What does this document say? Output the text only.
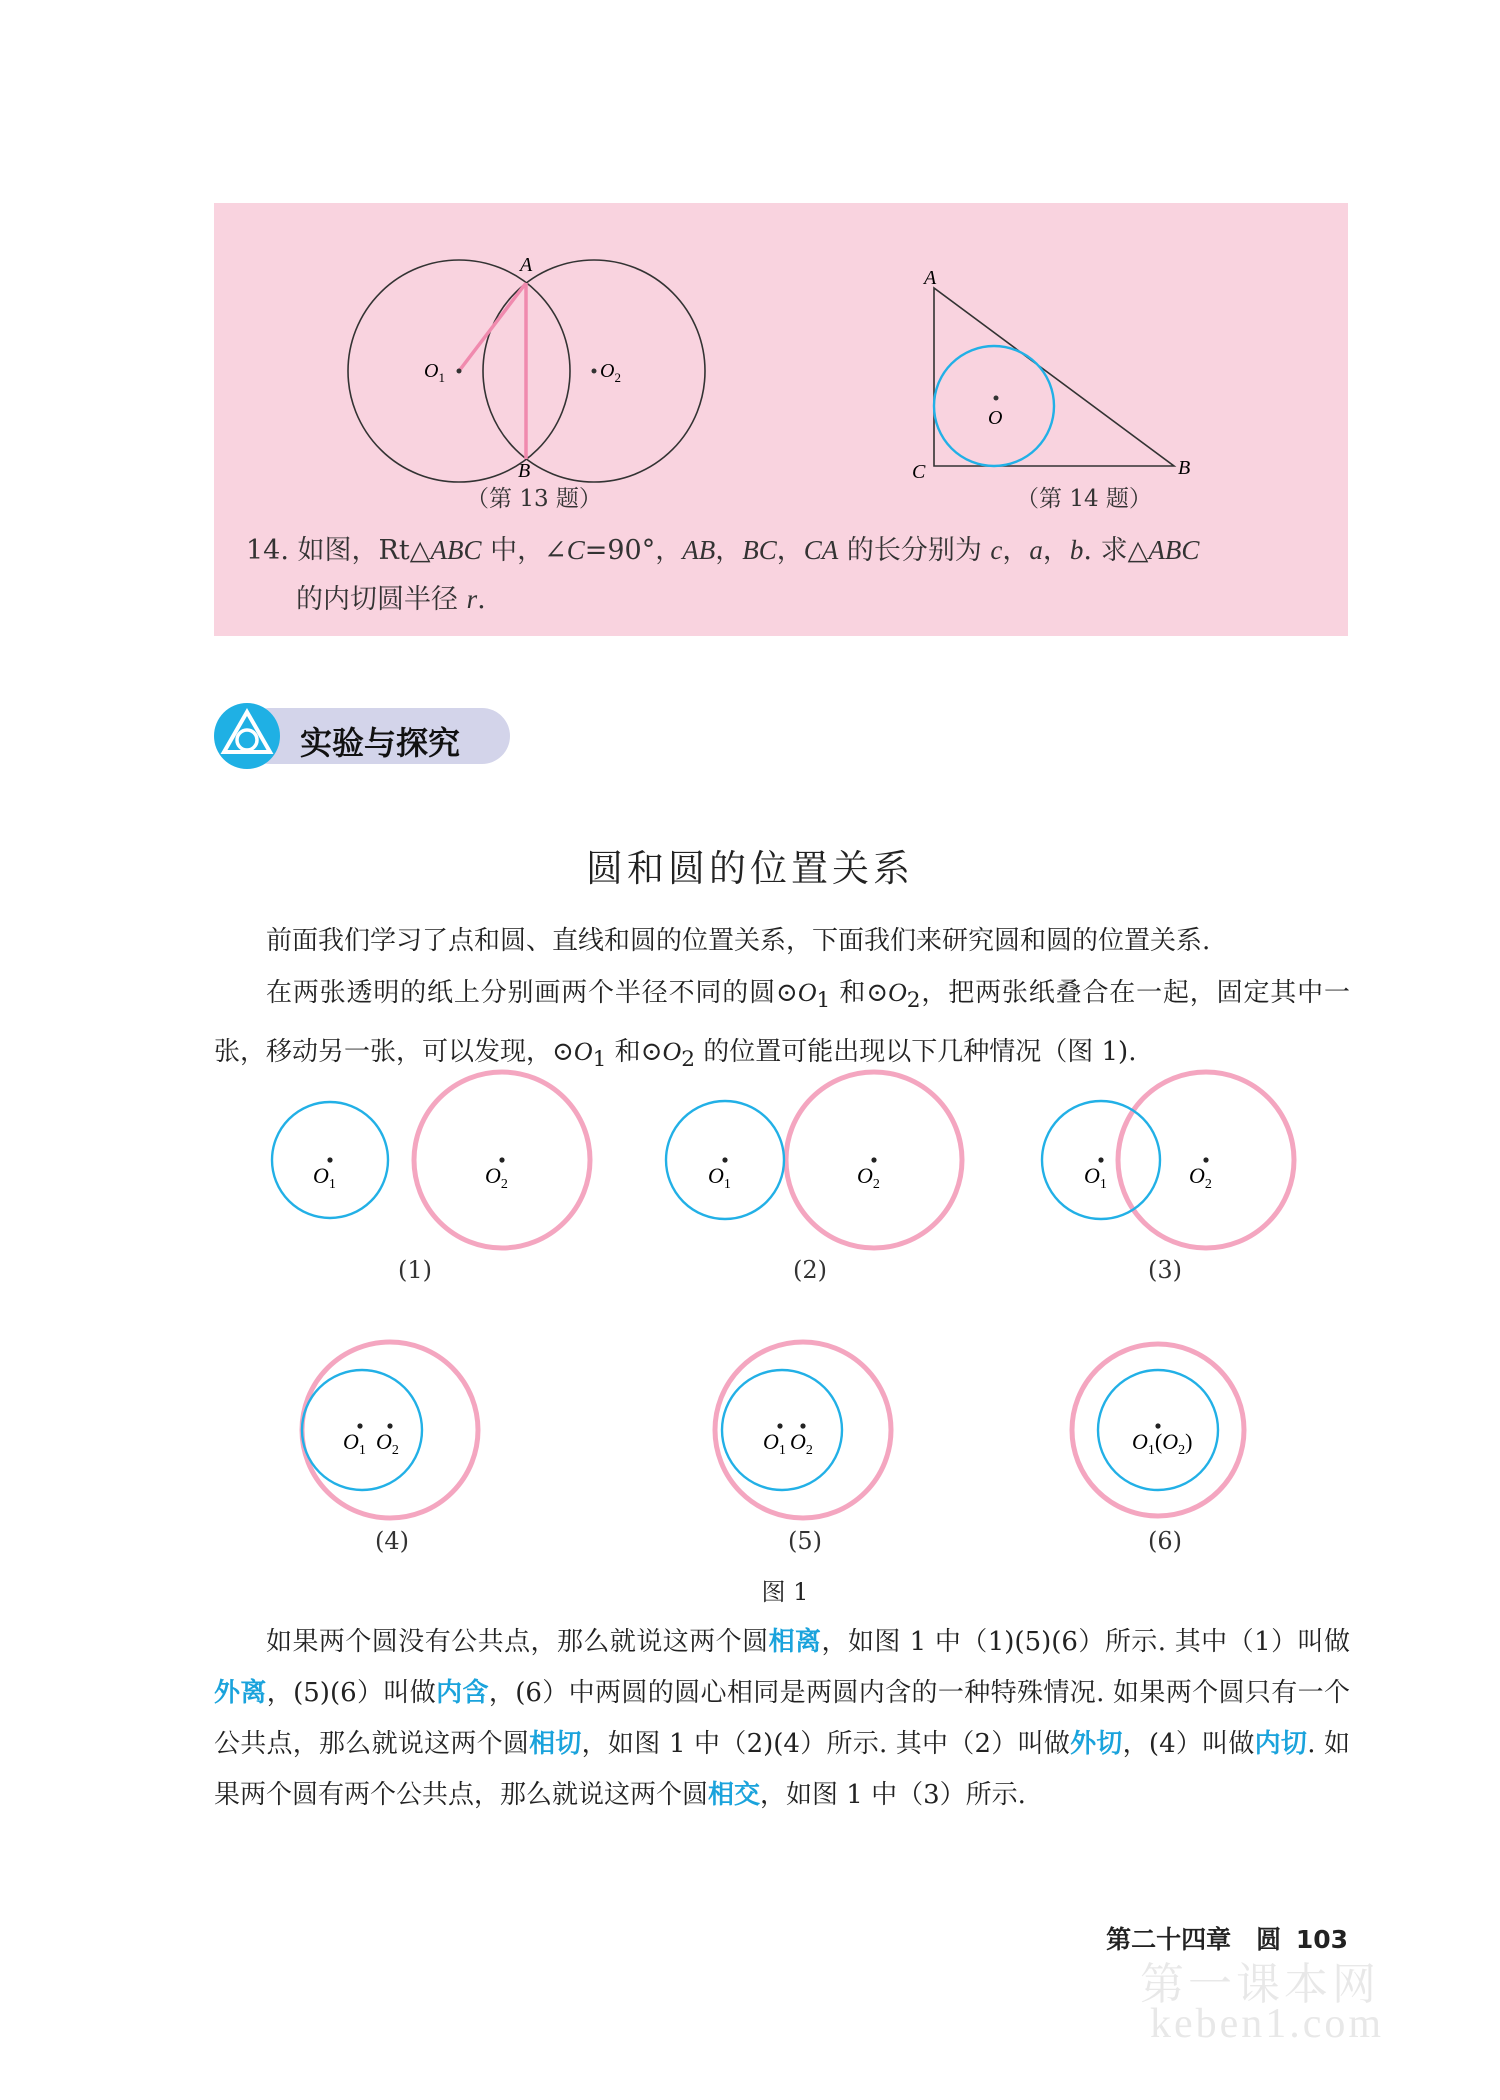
A
B
$O_1$	$O_2$
（第 13 题）
A
B
C
O
（第 14 题）
14. 如图，Rt△ABC 中，∠C=90°，AB，BC，CA 的长分别为 c，a，b. 求△ABC
的内切圆半径 r.
实验与探究
圆和圆的位置关系
前面我们学习了点和圆、直线和圆的位置关系，下面我们来研究圆和圆的位置关系.
在两张透明的纸上分别画两个半径不同的圆$⊙O_1$ 和$⊙O_2$，把两张纸叠合在一起，固定其中一张，移动另一张，可以发现，$⊙O_1$ 和$⊙O_2$ 的位置可能出现以下几种情况（图 1).
$O_1$	$O_2$	$O_1$	$O_2$	$O_1$	$O_2$
$O_1$ $O_2$	$O_1$ $O_2$	$O_1(O_2)$
(1)	(2)	(3)
(4)	(5)	(6)
图 1
如果两个圆没有公共点，那么就说这两个圆相离，如图 1 中（1)(5)(6）所示. 其中（1）叫做外离，(5)(6）叫做内含，(6）中两圆的圆心相同是两圆内含的一种特殊情况. 如果两个圆只有一个公共点，那么就说这两个圆相切，如图 1 中（2)(4）所示. 其中（2）叫做外切，(4）叫做内切. 如果两个圆有两个公共点，那么就说这两个圆相交，如图 1 中（3）所示.
第二十四章　圆 103
第一课本网
keben1.com
